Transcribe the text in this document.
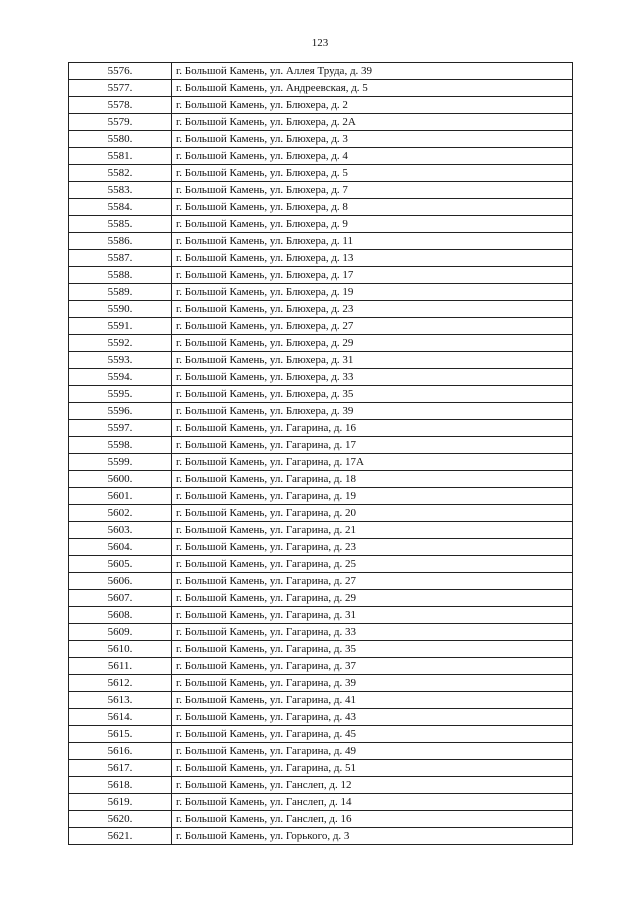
123
5576.	г. Большой Камень, ул. Аллея Труда, д. 39
5577.	г. Большой Камень, ул. Андреевская, д. 5
5578.	г. Большой Камень, ул. Блюхера, д. 2
5579.	г. Большой Камень, ул. Блюхера, д. 2А
5580.	г. Большой Камень, ул. Блюхера, д. 3
5581.	г. Большой Камень, ул. Блюхера, д. 4
5582.	г. Большой Камень, ул. Блюхера, д. 5
5583.	г. Большой Камень, ул. Блюхера, д. 7
5584.	г. Большой Камень, ул. Блюхера, д. 8
5585.	г. Большой Камень, ул. Блюхера, д. 9
5586.	г. Большой Камень, ул. Блюхера, д. 11
5587.	г. Большой Камень, ул. Блюхера, д. 13
5588.	г. Большой Камень, ул. Блюхера, д. 17
5589.	г. Большой Камень, ул. Блюхера, д. 19
5590.	г. Большой Камень, ул. Блюхера, д. 23
5591.	г. Большой Камень, ул. Блюхера, д. 27
5592.	г. Большой Камень, ул. Блюхера, д. 29
5593.	г. Большой Камень, ул. Блюхера, д. 31
5594.	г. Большой Камень, ул. Блюхера, д. 33
5595.	г. Большой Камень, ул. Блюхера, д. 35
5596.	г. Большой Камень, ул. Блюхера, д. 39
5597.	г. Большой Камень, ул. Гагарина, д. 16
5598.	г. Большой Камень, ул. Гагарина, д. 17
5599.	г. Большой Камень, ул. Гагарина, д. 17А
5600.	г. Большой Камень, ул. Гагарина, д. 18
5601.	г. Большой Камень, ул. Гагарина, д. 19
5602.	г. Большой Камень, ул. Гагарина, д. 20
5603.	г. Большой Камень, ул. Гагарина, д. 21
5604.	г. Большой Камень, ул. Гагарина, д. 23
5605.	г. Большой Камень, ул. Гагарина, д. 25
5606.	г. Большой Камень, ул. Гагарина, д. 27
5607.	г. Большой Камень, ул. Гагарина, д. 29
5608.	г. Большой Камень, ул. Гагарина, д. 31
5609.	г. Большой Камень, ул. Гагарина, д. 33
5610.	г. Большой Камень, ул. Гагарина, д. 35
5611.	г. Большой Камень, ул. Гагарина, д. 37
5612.	г. Большой Камень, ул. Гагарина, д. 39
5613.	г. Большой Камень, ул. Гагарина, д. 41
5614.	г. Большой Камень, ул. Гагарина, д. 43
5615.	г. Большой Камень, ул. Гагарина, д. 45
5616.	г. Большой Камень, ул. Гагарина, д. 49
5617.	г. Большой Камень, ул. Гагарина, д. 51
5618.	г. Большой Камень, ул. Ганслеп, д. 12
5619.	г. Большой Камень, ул. Ганслеп, д. 14
5620.	г. Большой Камень, ул. Ганслеп, д. 16
5621.	г. Большой Камень, ул. Горького, д. 3
